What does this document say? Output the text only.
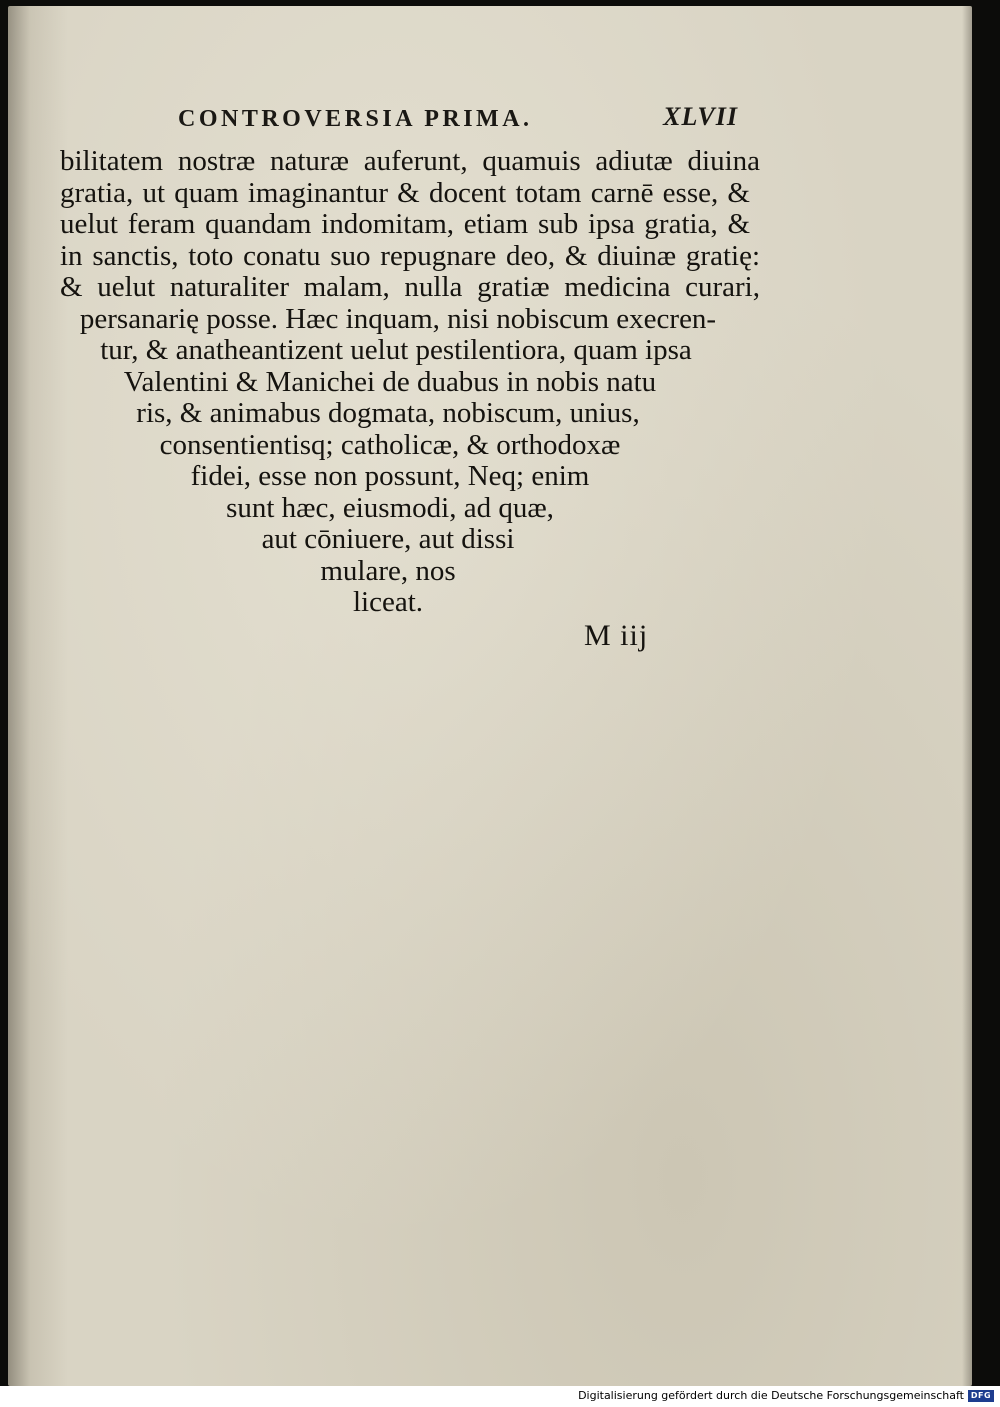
CONTROVERSIA PRIMA.	XLVII
bilitatem nostræ naturæ auferunt, quamuis adiutæ diuina
gratia, ut quam imaginantur & docent totam carnē esse, &
uelut feram quandam indomitam, etiam sub ipsa gratia, &
in sanctis, toto conatu suo repugnare deo, & diuinæ gratię:
& uelut naturaliter malam, nulla gratiæ medicina curari,
persanarię posse. Hæc inquam, nisi nobiscum execren-
tur, & anatheantizent uelut pestilentiora, quam ipsa
Valentini & Manichei de duabus in nobis natu
ris, & animabus dogmata, nobiscum, unius,
consentientisq; catholicæ, & orthodoxæ
fidei, esse non possunt, Neq; enim
sunt hæc, eiusmodi, ad quæ,
aut cōniuere, aut dissi
mulare, nos
liceat.
M iij
Digitalisierung gefördert durch die Deutsche Forschungsgemeinschaft DFG
